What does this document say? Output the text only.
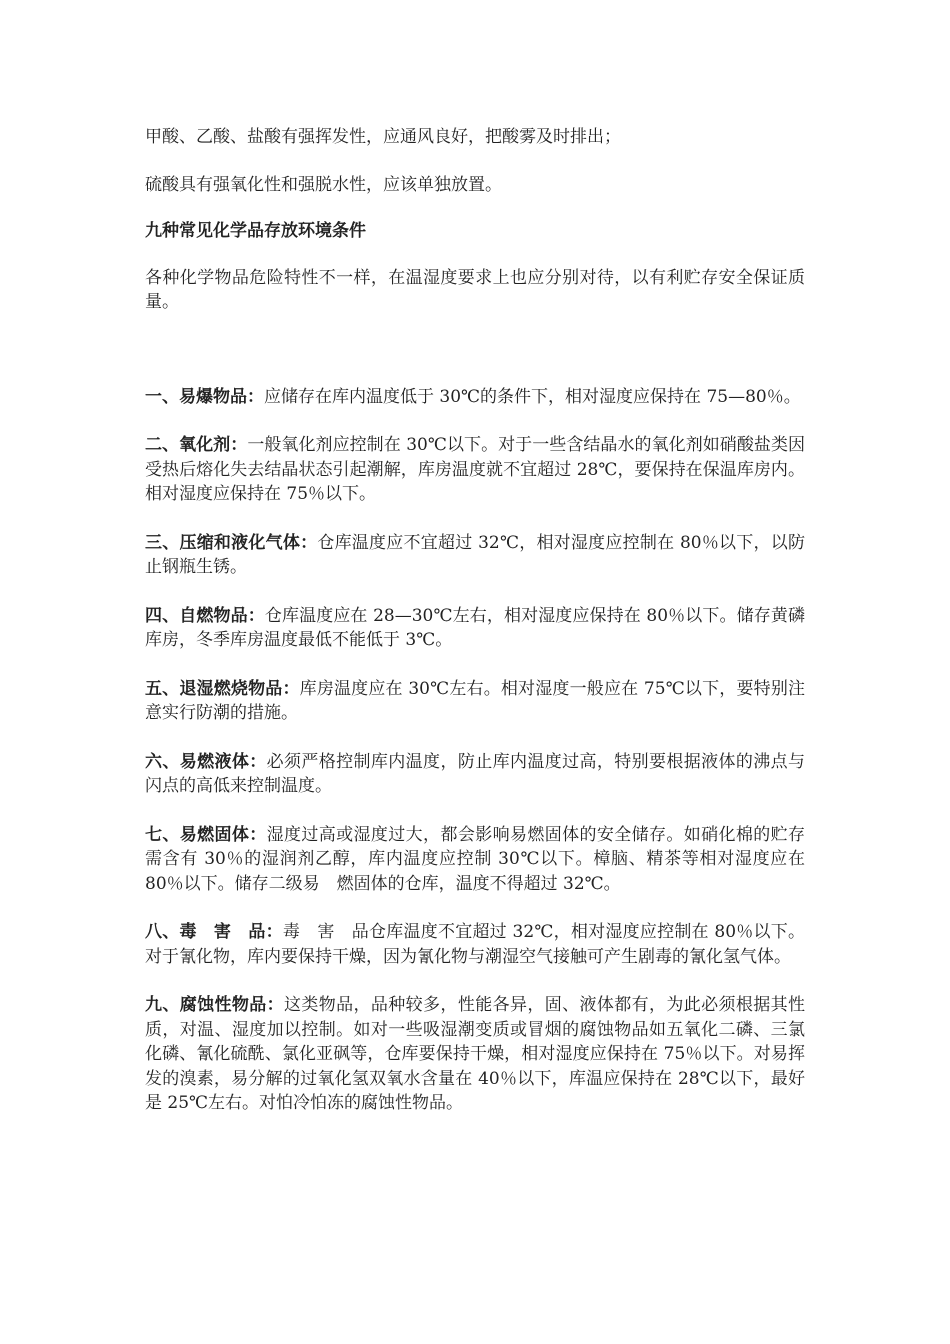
甲酸、乙酸、盐酸有强挥发性，应通风良好，把酸雾及时排出；

硫酸具有强氧化性和强脱水性，应该单独放置。

九种常见化学品存放环境条件

各种化学物品危险特性不一样，在温湿度要求上也应分别对待，以有利贮存安全保证质量。

一、易爆物品：应储存在库内温度低于 30℃的条件下，相对湿度应保持在 75—80％。

二、氧化剂：一般氧化剂应控制在 30℃以下。对于一些含结晶水的氧化剂如硝酸盐类因受热后熔化失去结晶状态引起潮解，库房温度就不宜超过 28℃，要保持在保温库房内。相对湿度应保持在 75％以下。

三、压缩和液化气体：仓库温度应不宜超过 32℃，相对湿度应控制在 80％以下，以防止钢瓶生锈。

四、自燃物品：仓库温度应在 28—30℃左右，相对湿度应保持在 80％以下。储存黄磷库房，冬季库房温度最低不能低于 3℃。

五、退湿燃烧物品：库房温度应在 30℃左右。相对湿度一般应在 75℃以下，要特别注意实行防潮的措施。

六、易燃液体：必须严格控制库内温度，防止库内温度过高，特别要根据液体的沸点与闪点的高低来控制温度。

七、易燃固体：湿度过高或湿度过大，都会影响易燃固体的安全储存。如硝化棉的贮存需含有 30％的湿润剂乙醇，库内温度应控制 30℃以下。樟脑、精茶等相对湿度应在 80％以下。储存二级易　燃固体的仓库，温度不得超过 32℃。

八、毒　害　品：毒　害　品仓库温度不宜超过 32℃，相对湿度应控制在 80％以下。对于氰化物，库内要保持干燥，因为氰化物与潮湿空气接触可产生剧毒的氰化氢气体。

九、腐蚀性物品：这类物品，品种较多，性能各异，固、液体都有，为此必须根据其性质，对温、湿度加以控制。如对一些吸湿潮变质或冒烟的腐蚀物品如五氧化二磷、三氯化磷、氰化硫酰、氯化亚砜等，仓库要保持干燥，相对湿度应保持在 75％以下。对易挥发的溴素，易分解的过氧化氢双氧水含量在 40％以下，库温应保持在 28℃以下，最好是 25℃左右。对怕冷怕冻的腐蚀性物品。
